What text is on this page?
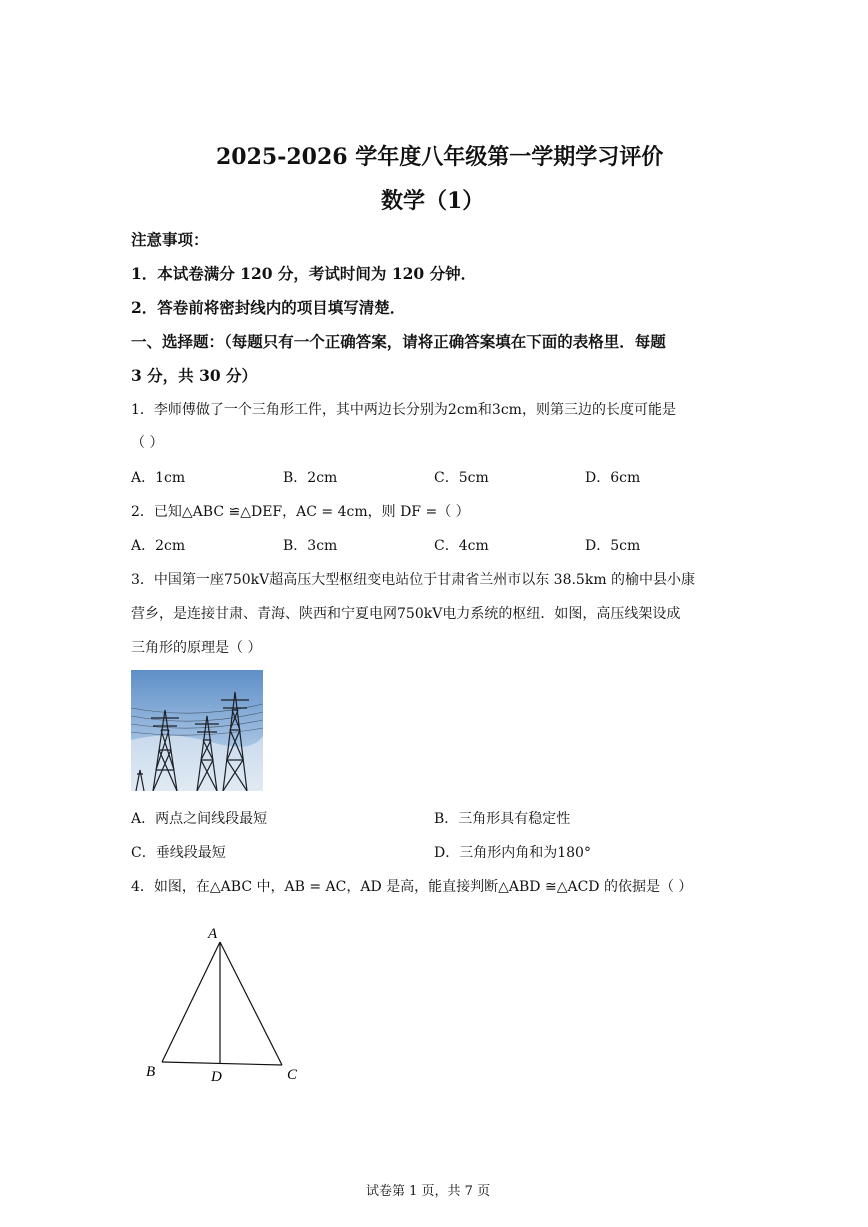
2025-2026 学年度八年级第一学期学习评价
数学（1）
注意事项：
1．本试卷满分 120 分，考试时间为 120 分钟．
2．答卷前将密封线内的项目填写清楚．
一、选择题：（每题只有一个正确答案，请将正确答案填在下面的表格里．每题
3 分，共 30 分）
1．李师傅做了一个三角形工件，其中两边长分别为2cm和3cm，则第三边的长度可能是
（ ）
A．1cm	B．2cm	C．5cm	D．6cm
2．已知△ABC ≌△DEF，AC = 4cm，则 DF =（ ）
A．2cm	B．3cm	C．4cm	D．5cm
3．中国第一座750kV超高压大型枢纽变电站位于甘肃省兰州市以东 38.5km 的榆中县小康
营乡，是连接甘肃、青海、陕西和宁夏电网750kV电力系统的枢纽．如图，高压线架设成
三角形的原理是（ ）
A．两点之间线段最短	B．三角形具有稳定性
C．垂线段最短	D．三角形内角和为180°
4．如图，在△ABC 中，AB = AC，AD 是高，能直接判断△ABD ≅△ACD 的依据是（ ）
A
B	D	C
试卷第 1 页，共 7 页
